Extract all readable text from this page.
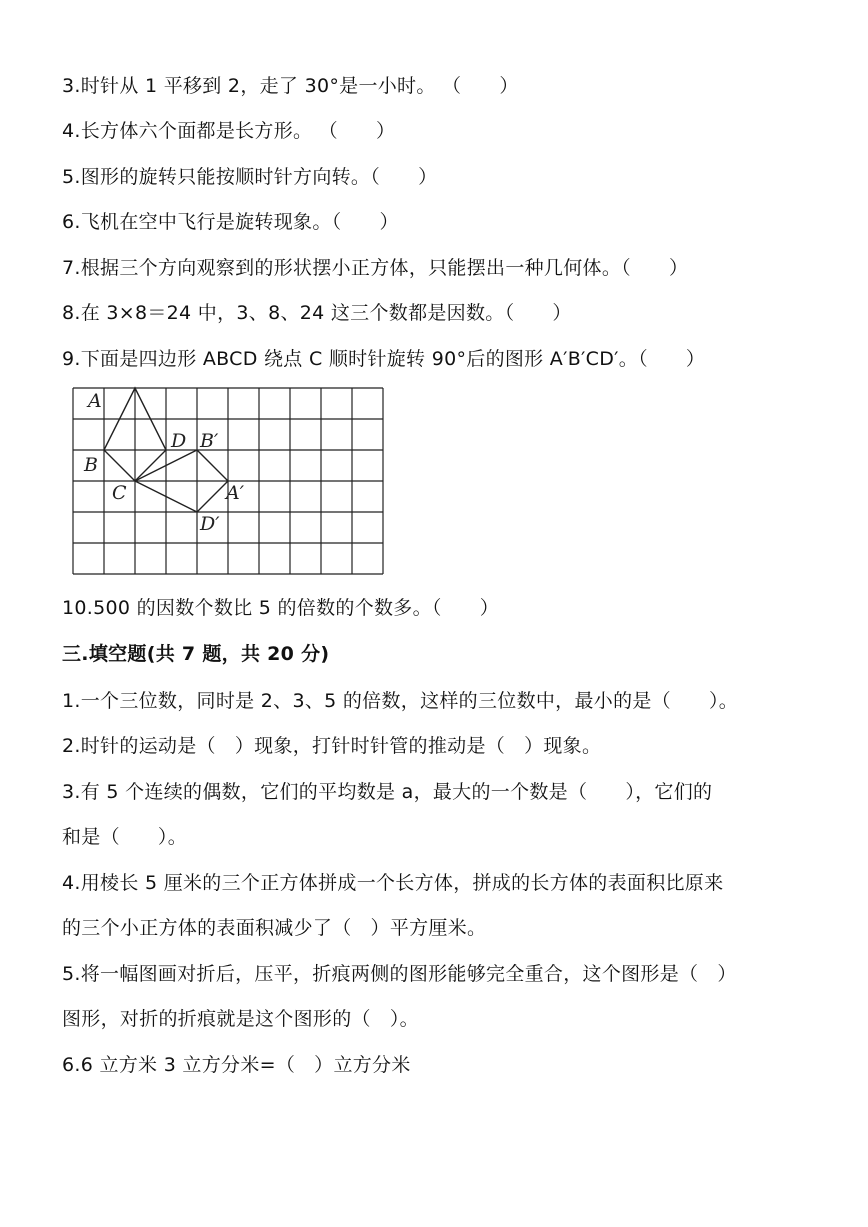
3.时针从 1 平移到 2，走了 30°是一小时。 （      ）
4.长方体六个面都是长方形。 （      ）
5.图形的旋转只能按顺时针方向转。（      ）
6.飞机在空中飞行是旋转现象。（      ）
7.根据三个方向观察到的形状摆小正方体，只能摆出一种几何体。（      ）
8.在 3×8＝24 中，3、8、24 这三个数都是因数。（      ）
9.下面是四边形 ABCD 绕点 C 顺时针旋转 90°后的图形 A′B′CD′。（      ）
A
D B′
B
C	A′
D′
10.500 的因数个数比 5 的倍数的个数多。（      ）
三.填空题(共 7 题，共 20 分)
1.一个三位数，同时是 2、3、5 的倍数，这样的三位数中，最小的是（      ）。
2.时针的运动是（   ）现象，打针时针管的推动是（   ）现象。
3.有 5 个连续的偶数，它们的平均数是 a，最大的一个数是（      ），它们的
和是（      ）。
4.用棱长 5 厘米的三个正方体拼成一个长方体，拼成的长方体的表面积比原来
的三个小正方体的表面积减少了（   ）平方厘米。
5.将一幅图画对折后，压平，折痕两侧的图形能够完全重合，这个图形是（   ）
图形，对折的折痕就是这个图形的（   ）。
6.6 立方米 3 立方分米=（   ）立方分米
